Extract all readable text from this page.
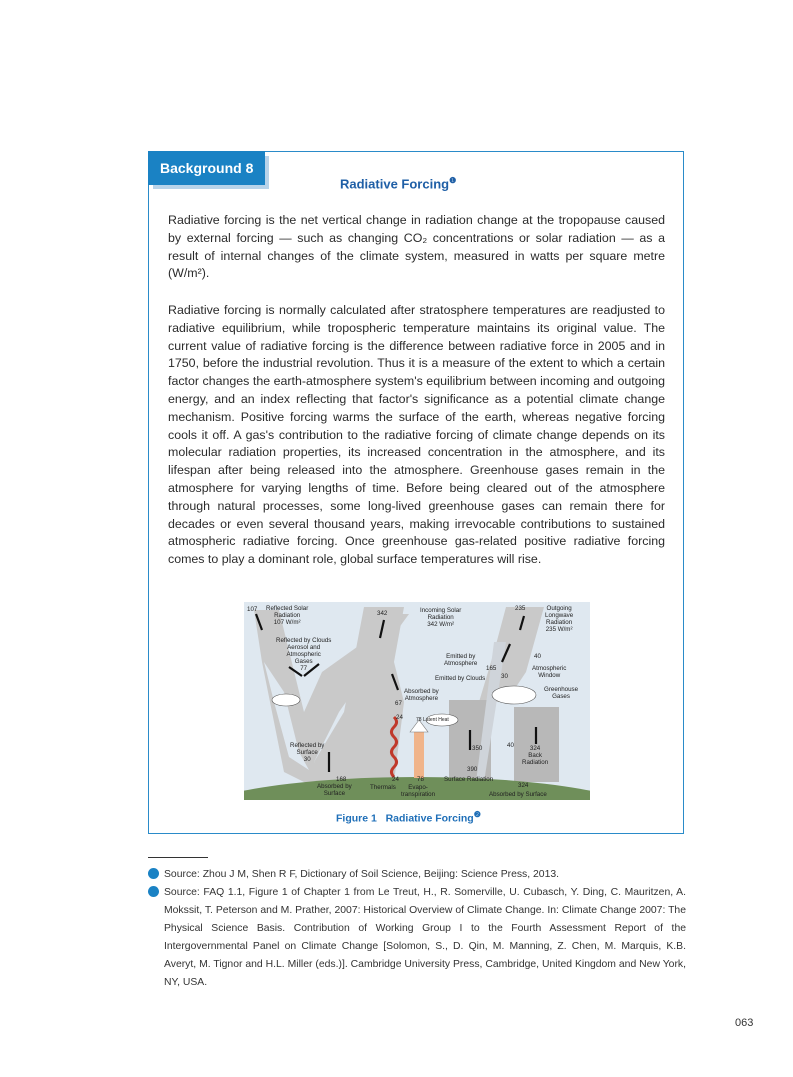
Background 8
Radiative Forcing$^❶$
Radiative forcing is the net vertical change in radiation change at the tropopause caused by external forcing — such as changing CO₂ concentrations or solar radiation — as a result of internal changes of the climate system, measured in watts per square metre (W/m²).
Radiative forcing is normally calculated after stratosphere temperatures are readjusted to radiative equilibrium, while tropospheric temperature maintains its original value. The current value of radiative forcing is the difference between radiative force in 2005 and in 1750, before the industrial revolution. Thus it is a measure of the extent to which a certain factor changes the earth-atmosphere system's equilibrium between incoming and outgoing energy, and an index reflecting that factor's significance as a potential climate change mechanism. Positive forcing warms the surface of the earth, whereas negative forcing cools it off. A gas's contribution to the radiative forcing of climate change depends on its molecular radiation properties, its increased concentration in the atmosphere, and its lifespan after being released into the atmosphere. Greenhouse gases remain in the atmosphere for varying lengths of time. Before being cleared out of the atmosphere through natural processes, some long-lived greenhouse gases can remain there for decades or even several thousand years, making irrevocable contributions to sustained atmospheric radiative forcing. Once greenhouse gas-related positive radiative forcing comes to play a dominant role, global surface temperatures will rise.
107 Reflected Solar
Radiation
107 W/m²
342	Incoming Solar
Radiation
342 W/m²
235	Outgoing
Longwave
Radiation
235 W/m²
Reflected by Clouds
Aerosol and
Atmospheric
Gases
77
Emitted by
Atmosphere
165
40
Emitted by Clouds	30
Atmospheric
Window
Greenhouse
Gases
Absorbed by
Atmosphere
67
24	78 Latent Heat
Reflected by
Surface
30
350	40	324
Back
Radiation
390
168
Absorbed by
Surface
24
Thermals
78
Evapo-
transpiration
Surface Radiation
324
Absorbed by Surface
Figure 1   Radiative Forcing$^❷$
1 Source: Zhou J M, Shen R F, Dictionary of Soil Science, Beijing: Science Press, 2013.
2 Source: FAQ 1.1, Figure 1 of Chapter 1 from Le Treut, H., R. Somerville, U. Cubasch, Y. Ding, C. Mauritzen, A. Mokssit, T. Peterson and M. Prather, 2007: Historical Overview of Climate Change. In: Climate Change 2007: The Physical Science Basis. Contribution of Working Group I to the Fourth Assessment Report of the Intergovernmental Panel on Climate Change [Solomon, S., D. Qin, M. Manning, Z. Chen, M. Marquis, K.B. Averyt, M. Tignor and H.L. Miller (eds.)]. Cambridge University Press, Cambridge, United Kingdom and New York, NY, USA.
063
